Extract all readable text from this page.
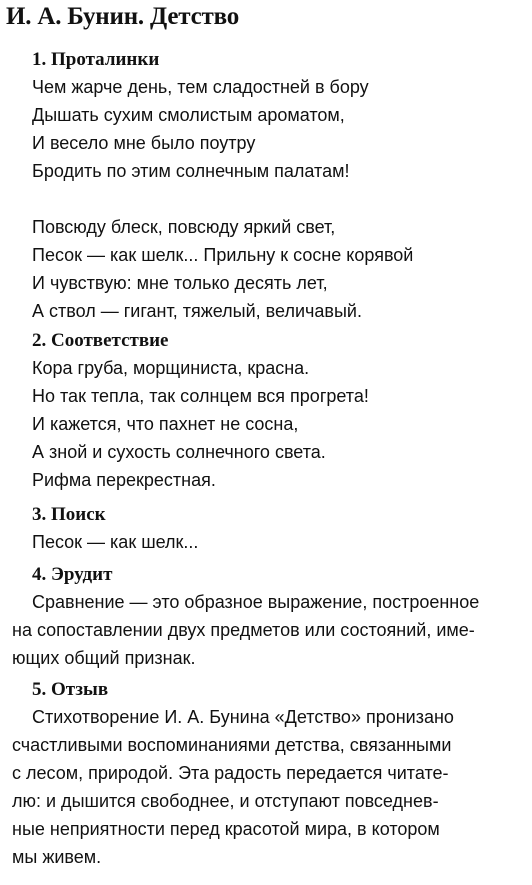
И. А. Бунин. Детство
1. Проталинки
Чем жарче день, тем сладостней в бору
Дышать сухим смолистым ароматом,
И весело мне было поутру
Бродить по этим солнечным палатам!
Повсюду блеск, повсюду яркий свет,
Песок — как шелк... Прильну к сосне корявой
И чувствую: мне только десять лет,
А ствол — гигант, тяжелый, величавый.
2. Соответствие
Кора груба, морщиниста, красна.
Но так тепла, так солнцем вся прогрета!
И кажется, что пахнет не сосна,
А зной и сухость солнечного света.
Рифма перекрестная.
3. Поиск
Песок — как шелк...
4. Эрудит
Сравнение — это образное выражение, построенное
на сопоставлении двух предметов или состояний, име-
ющих общий признак.
5. Отзыв
Стихотворение И. А. Бунина «Детство» пронизано
счастливыми воспоминаниями детства, связанными
с лесом, природой. Эта радость передается читате-
лю: и дышится свободнее, и отступают повседнев-
ные неприятности перед красотой мира, в котором
мы живем.
